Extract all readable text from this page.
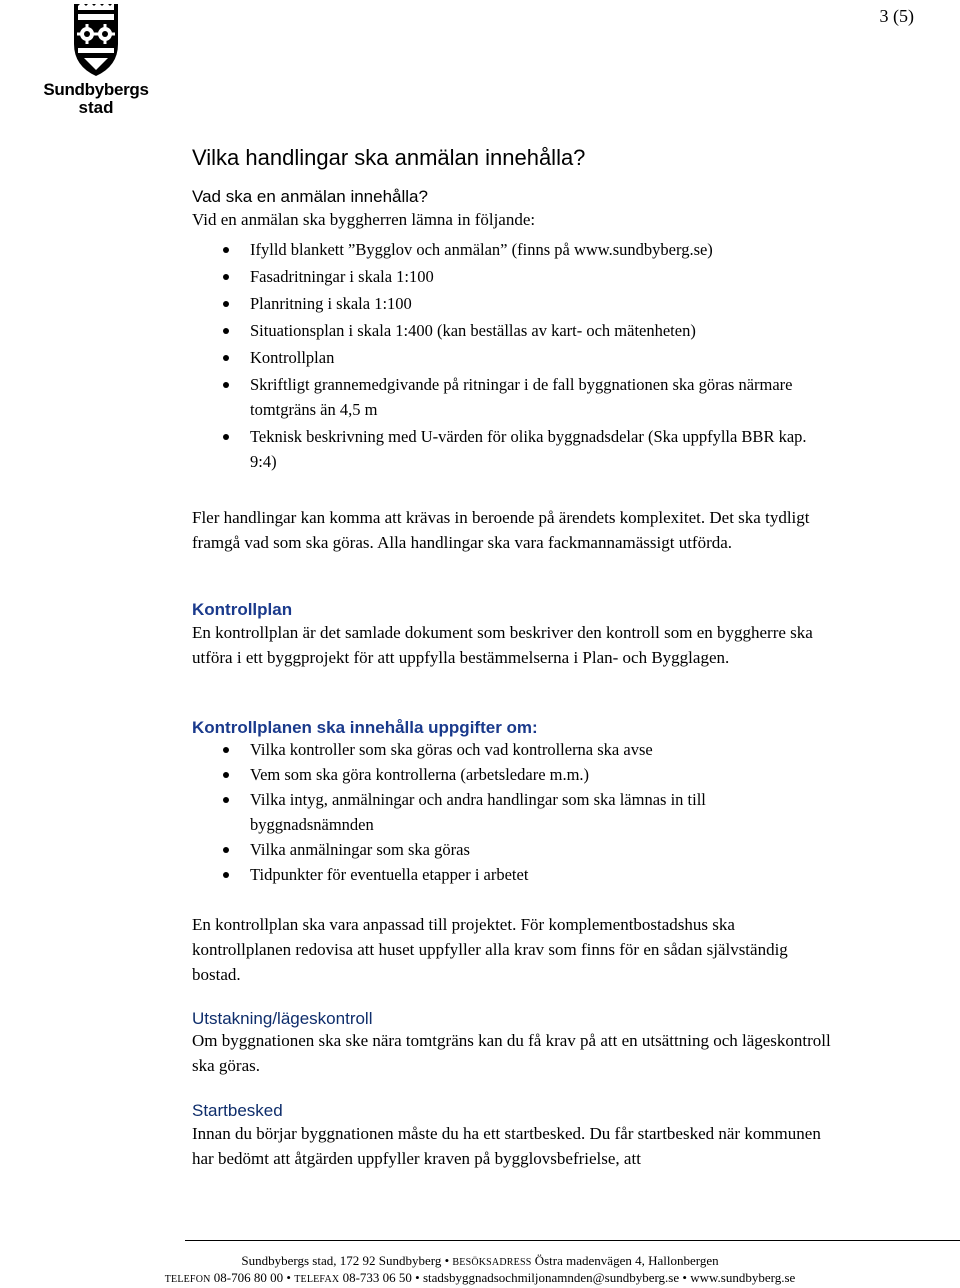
Sundbybergs
stad
3 (5)
Vilka handlingar ska anmälan innehålla?
Vad ska en anmälan innehålla?
Vid en anmälan ska byggherren lämna in följande:
Ifylld blankett ”Bygglov och anmälan” (finns på www.sundbyberg.se)
Fasadritningar i skala 1:100
Planritning i skala 1:100
Situationsplan i skala 1:400 (kan beställas av kart- och mätenheten)
Kontrollplan
Skriftligt grannemedgivande på ritningar i de fall byggnationen ska göras närmare tomtgräns än 4,5 m
Teknisk beskrivning med U-värden för olika byggnadsdelar (Ska uppfylla BBR kap. 9:4)
Fler handlingar kan komma att krävas in beroende på ärendets komplexitet. Det ska tydligt framgå vad som ska göras. Alla handlingar ska vara fackmannamässigt utförda.
Kontrollplan
En kontrollplan är det samlade dokument som beskriver den kontroll som en byggherre ska utföra i ett byggprojekt för att uppfylla bestämmelserna i Plan- och Bygglagen.
Kontrollplanen ska innehålla uppgifter om:
Vilka kontroller som ska göras och vad kontrollerna ska avse
Vem som ska göra kontrollerna (arbetsledare m.m.)
Vilka intyg, anmälningar och andra handlingar som ska lämnas in till byggnadsnämnden
Vilka anmälningar som ska göras
Tidpunkter för eventuella etapper i arbetet
En kontrollplan ska vara anpassad till projektet. För komplementbostadshus ska kontrollplanen redovisa att huset uppfyller alla krav som finns för en sådan självständig bostad.
Utstakning/lägeskontroll
Om byggnationen ska ske nära tomtgräns kan du få krav på att en utsättning och lägeskontroll ska göras.
Startbesked
Innan du börjar byggnationen måste du ha ett startbesked. Du får startbesked när kommunen har bedömt att åtgärden uppfyller kraven på bygglovsbefrielse, att
Sundbybergs stad, 172 92 Sundbyberg • BESÖKSADRESS Östra madenvägen 4, Hallonbergen
TELEFON 08-706 80 00 • TELEFAX 08-733 06 50 • stadsbyggnadsochmiljonamnden@sundbyberg.se • www.sundbyberg.se
